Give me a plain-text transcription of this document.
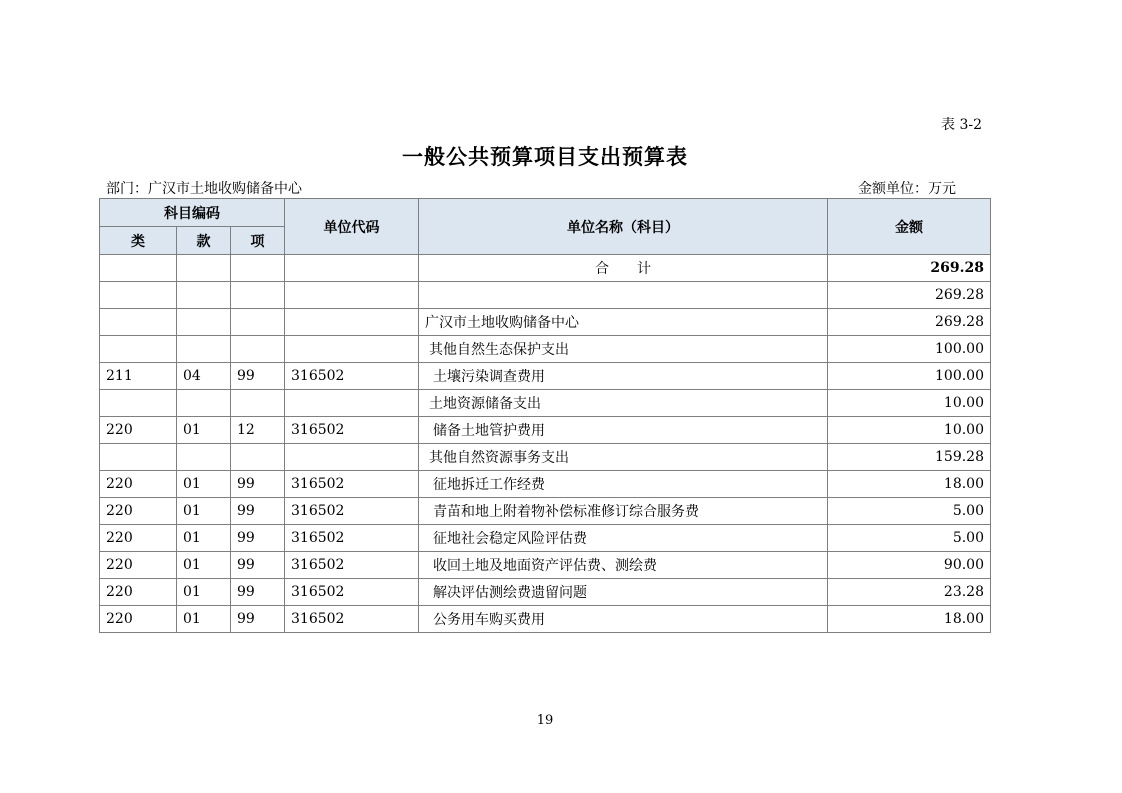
表 3-2
一般公共预算项目支出预算表
部门：广汉市土地收购储备中心	金额单位：万元
科目编码			单位代码	单位名称（科目）	金额
类	款	项			
				合　　计	269.28
					269.28
				广汉市土地收购储备中心	269.28
				其他自然生态保护支出	100.00
211	04	99	316502	土壤污染调查费用	100.00
				土地资源储备支出	10.00
220	01	12	316502	储备土地管护费用	10.00
				其他自然资源事务支出	159.28
220	01	99	316502	征地拆迁工作经费	18.00
220	01	99	316502	青苗和地上附着物补偿标准修订综合服务费	5.00
220	01	99	316502	征地社会稳定风险评估费	5.00
220	01	99	316502	收回土地及地面资产评估费、测绘费	90.00
220	01	99	316502	解决评估测绘费遗留问题	23.28
220	01	99	316502	公务用车购买费用	18.00
19
